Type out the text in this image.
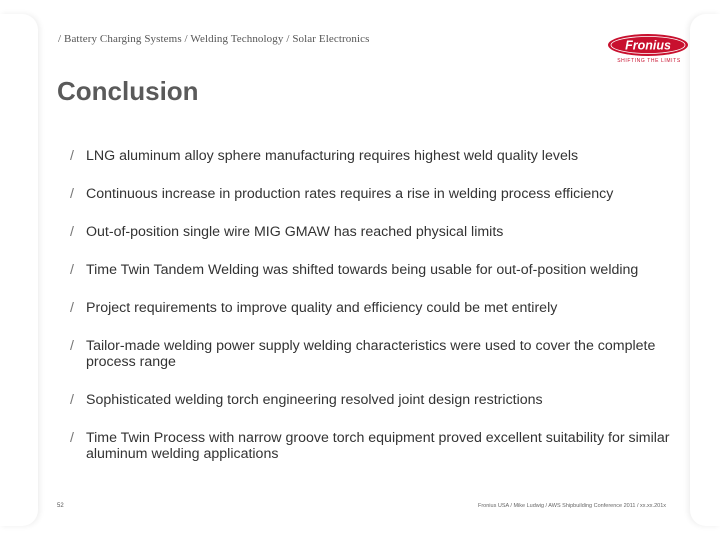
/ Battery Charging Systems / Welding Technology / Solar Electronics	Fronius
SHIFTING THE LIMITS
Conclusion
/ LNG aluminum alloy sphere manufacturing requires highest weld quality levels
/ Continuous increase in production rates requires a rise in welding process efficiency
/ Out-of-position single wire MIG GMAW has reached physical limits
/ Time Twin Tandem Welding was shifted towards being usable for out-of-position welding
/ Project requirements to improve quality and efficiency could be met entirely
/ Tailor-made welding power supply welding characteristics were used to cover the complete process range
/ Sophisticated welding torch engineering resolved joint design restrictions
/ Time Twin Process with narrow groove torch equipment proved excellent suitability for similar aluminum welding applications
52	Fronius USA / Mike Ludwig / AWS Shipbuilding Conference 2011 / xx.xx.201x
